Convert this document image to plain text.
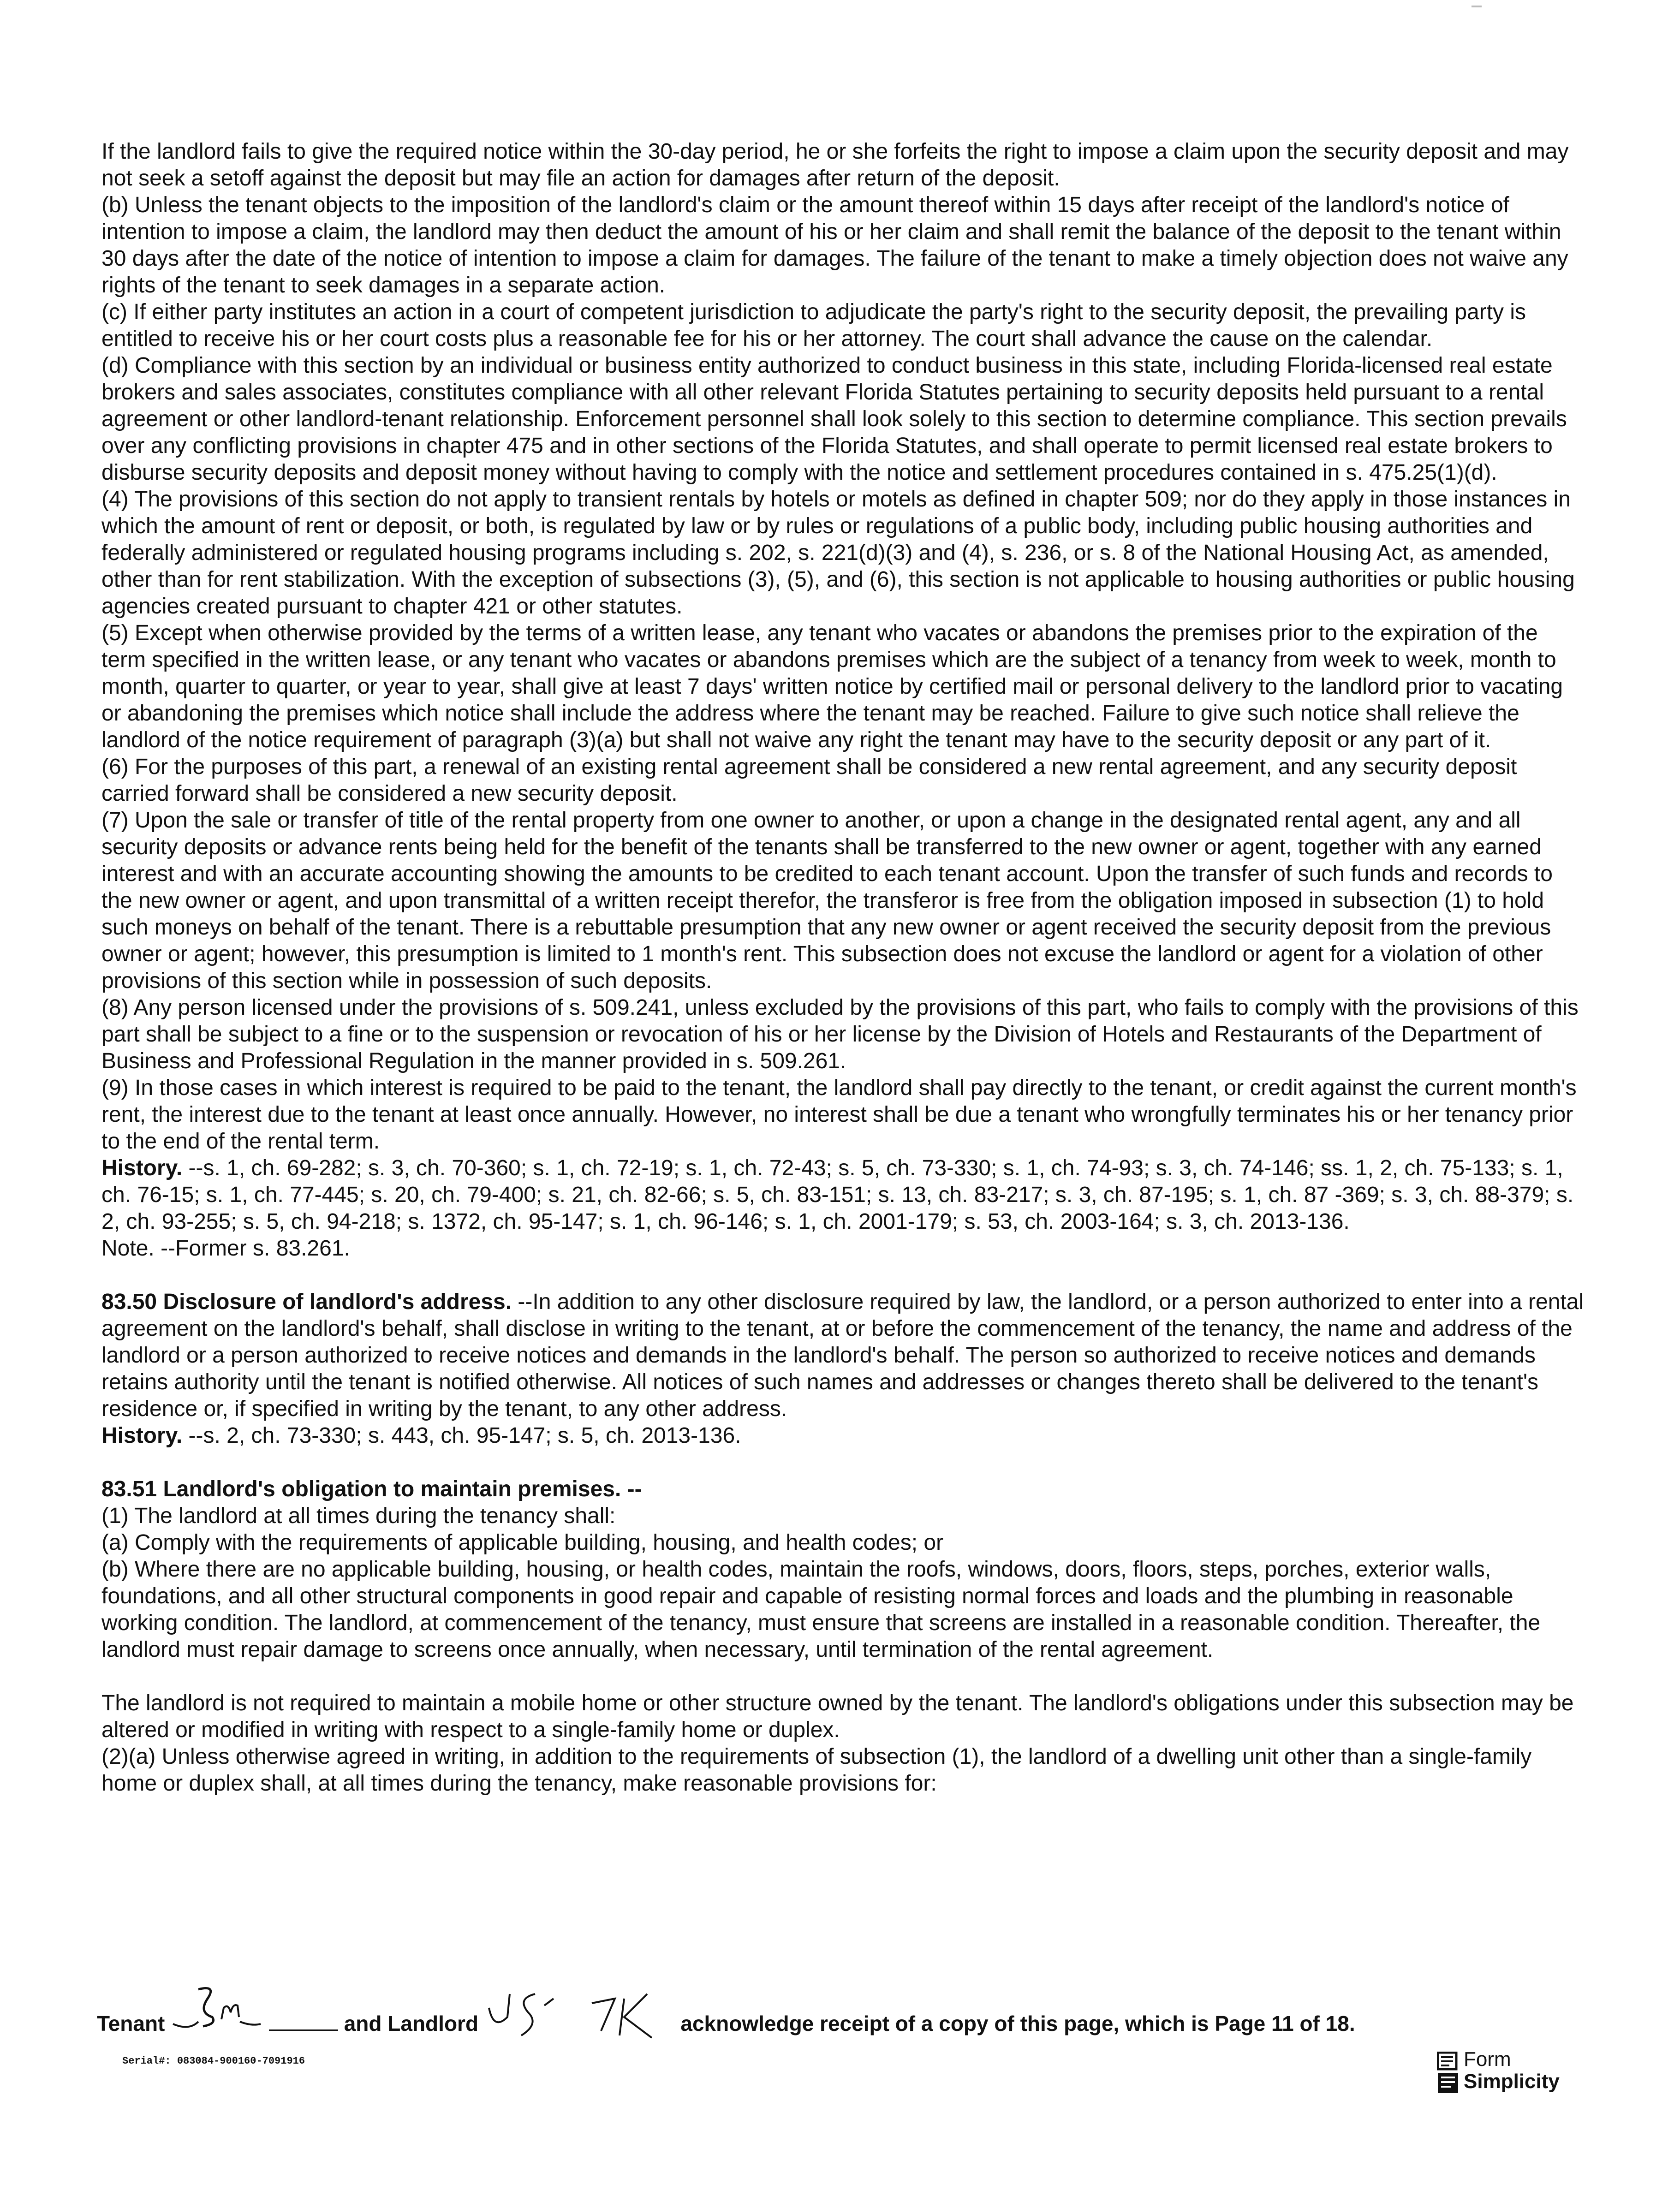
If the landlord fails to give the required notice within the 30-day period, he or she forfeits the right to impose a claim upon the security deposit and may not seek a setoff against the deposit but may file an action for damages after return of the deposit.

(b) Unless the tenant objects to the imposition of the landlord's claim or the amount thereof within 15 days after receipt of the landlord's notice of intention to impose a claim, the landlord may then deduct the amount of his or her claim and shall remit the balance of the deposit to the tenant within 30 days after the date of the notice of intention to impose a claim for damages. The failure of the tenant to make a timely objection does not waive any rights of the tenant to seek damages in a separate action.

(c) If either party institutes an action in a court of competent jurisdiction to adjudicate the party's right to the security deposit, the prevailing party is entitled to receive his or her court costs plus a reasonable fee for his or her attorney. The court shall advance the cause on the calendar.

(d) Compliance with this section by an individual or business entity authorized to conduct business in this state, including Florida-licensed real estate brokers and sales associates, constitutes compliance with all other relevant Florida Statutes pertaining to security deposits held pursuant to a rental agreement or other landlord-tenant relationship. Enforcement personnel shall look solely to this section to determine compliance. This section prevails over any conflicting provisions in chapter 475 and in other sections of the Florida Statutes, and shall operate to permit licensed real estate brokers to disburse security deposits and deposit money without having to comply with the notice and settlement procedures contained in s. 475.25(1)(d).

(4) The provisions of this section do not apply to transient rentals by hotels or motels as defined in chapter 509; nor do they apply in those instances in which the amount of rent or deposit, or both, is regulated by law or by rules or regulations of a public body, including public housing authorities and federally administered or regulated housing programs including s. 202, s. 221(d)(3) and (4), s. 236, or s. 8 of the National Housing Act, as amended, other than for rent stabilization. With the exception of subsections (3), (5), and (6), this section is not applicable to housing authorities or public housing agencies created pursuant to chapter 421 or other statutes.

(5) Except when otherwise provided by the terms of a written lease, any tenant who vacates or abandons the premises prior to the expiration of the term specified in the written lease, or any tenant who vacates or abandons premises which are the subject of a tenancy from week to week, month to month, quarter to quarter, or year to year, shall give at least 7 days' written notice by certified mail or personal delivery to the landlord prior to vacating or abandoning the premises which notice shall include the address where the tenant may be reached. Failure to give such notice shall relieve the landlord of the notice requirement of paragraph (3)(a) but shall not waive any right the tenant may have to the security deposit or any part of it.

(6) For the purposes of this part, a renewal of an existing rental agreement shall be considered a new rental agreement, and any security deposit carried forward shall be considered a new security deposit.

(7) Upon the sale or transfer of title of the rental property from one owner to another, or upon a change in the designated rental agent, any and all security deposits or advance rents being held for the benefit of the tenants shall be transferred to the new owner or agent, together with any earned interest and with an accurate accounting showing the amounts to be credited to each tenant account. Upon the transfer of such funds and records to the new owner or agent, and upon transmittal of a written receipt therefor, the transferor is free from the obligation imposed in subsection (1) to hold such moneys on behalf of the tenant. There is a rebuttable presumption that any new owner or agent received the security deposit from the previous owner or agent; however, this presumption is limited to 1 month's rent. This subsection does not excuse the landlord or agent for a violation of other provisions of this section while in possession of such deposits.

(8) Any person licensed under the provisions of s. 509.241, unless excluded by the provisions of this part, who fails to comply with the provisions of this part shall be subject to a fine or to the suspension or revocation of his or her license by the Division of Hotels and Restaurants of the Department of Business and Professional Regulation in the manner provided in s. 509.261.

(9) In those cases in which interest is required to be paid to the tenant, the landlord shall pay directly to the tenant, or credit against the current month's rent, the interest due to the tenant at least once annually. However, no interest shall be due a tenant who wrongfully terminates his or her tenancy prior to the end of the rental term.

History. --s. 1, ch. 69-282; s. 3, ch. 70-360; s. 1, ch. 72-19; s. 1, ch. 72-43; s. 5, ch. 73-330; s. 1, ch. 74-93; s. 3, ch. 74-146; ss. 1, 2, ch. 75-133; s. 1, ch. 76-15; s. 1, ch. 77-445; s. 20, ch. 79-400; s. 21, ch. 82-66; s. 5, ch. 83-151; s. 13, ch. 83-217; s. 3, ch. 87-195; s. 1, ch. 87 -369; s. 3, ch. 88-379; s. 2, ch. 93-255; s. 5, ch. 94-218; s. 1372, ch. 95-147; s. 1, ch. 96-146; s. 1, ch. 2001-179; s. 53, ch. 2003-164; s. 3, ch. 2013-136.

Note. --Former s. 83.261.

83.50 Disclosure of landlord's address. --In addition to any other disclosure required by law, the landlord, or a person authorized to enter into a rental agreement on the landlord's behalf, shall disclose in writing to the tenant, at or before the commencement of the tenancy, the name and address of the landlord or a person authorized to receive notices and demands in the landlord's behalf. The person so authorized to receive notices and demands retains authority until the tenant is notified otherwise. All notices of such names and addresses or changes thereto shall be delivered to the tenant's residence or, if specified in writing by the tenant, to any other address.

History. --s. 2, ch. 73-330; s. 443, ch. 95-147; s. 5, ch. 2013-136.

83.51 Landlord's obligation to maintain premises. --

(1) The landlord at all times during the tenancy shall:

(a) Comply with the requirements of applicable building, housing, and health codes; or

(b) Where there are no applicable building, housing, or health codes, maintain the roofs, windows, doors, floors, steps, porches, exterior walls, foundations, and all other structural components in good repair and capable of resisting normal forces and loads and the plumbing in reasonable working condition. The landlord, at commencement of the tenancy, must ensure that screens are installed in a reasonable condition. Thereafter, the landlord must repair damage to screens once annually, when necessary, until termination of the rental agreement.

The landlord is not required to maintain a mobile home or other structure owned by the tenant. The landlord's obligations under this subsection may be altered or modified in writing with respect to a single-family home or duplex.

(2)(a) Unless otherwise agreed in writing, in addition to the requirements of subsection (1), the landlord of a dwelling unit other than a single-family home or duplex shall, at all times during the tenancy, make reasonable provisions for:

Tenant	and Landlord
	acknowledge receipt of a copy of this page, which is Page 11 of 18.
Serial#: 083084-900160-7091916	Form
Simplicity
